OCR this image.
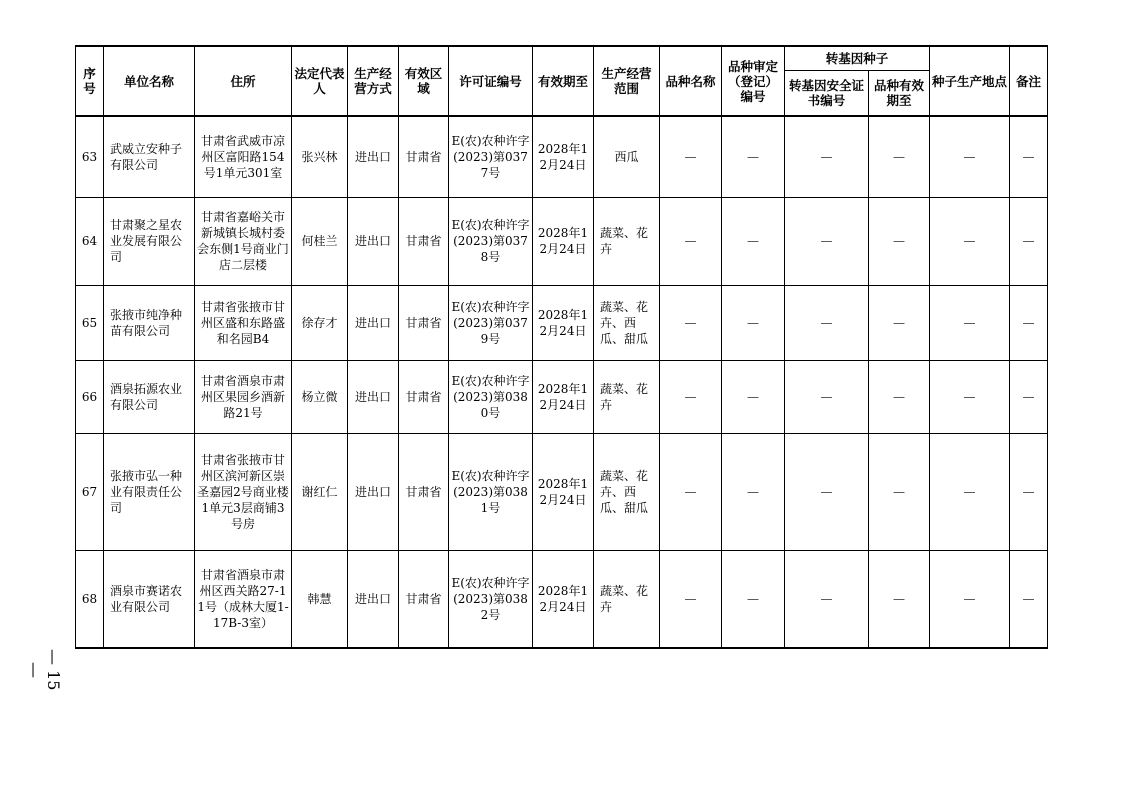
序号	单位名称	住所	法定代表人	生产经营方式	有效区域	许可证编号	有效期至	生产经营范围	品种名称	品种审定（登记）编号	转基因种子		种子生产地点	备注
											转基因安全证书编号	品种有效期至		
63	武威立安种子有限公司	甘肃省武威市凉州区富阳路154号1单元301室	张兴林	进出口	甘肃省	E(农)农种许字(2023)第0377号	2028年12月24日	西瓜	—	—	—	—	—	—
64	甘肃聚之星农业发展有限公司	甘肃省嘉峪关市新城镇长城村委会东侧1号商业门店二层楼	何桂兰	进出口	甘肃省	E(农)农种许字(2023)第0378号	2028年12月24日	蔬菜、花卉	—	—	—	—	—	—
65	张掖市纯净种苗有限公司	甘肃省张掖市甘州区盛和东路盛和名园B4	徐存才	进出口	甘肃省	E(农)农种许字(2023)第0379号	2028年12月24日	蔬菜、花卉、西瓜、甜瓜	—	—	—	—	—	—
66	酒泉拓源农业有限公司	甘肃省酒泉市肃州区果园乡酒新路21号	杨立微	进出口	甘肃省	E(农)农种许字(2023)第0380号	2028年12月24日	蔬菜、花卉	—	—	—	—	—	—
67	张掖市弘一种业有限责任公司	甘肃省张掖市甘州区滨河新区崇圣嘉园2号商业楼1单元3层商铺3号房	谢红仁	进出口	甘肃省	E(农)农种许字(2023)第0381号	2028年12月24日	蔬菜、花卉、西瓜、甜瓜	—	—	—	—	—	—
68	酒泉市赛诺农业有限公司	甘肃省酒泉市肃州区西关路27-11号（成林大厦1-17B-3室）	韩慧	进出口	甘肃省	E(农)农种许字(2023)第0382号	2028年12月24日	蔬菜、花卉	—	—	—	—	—	—
— 15 —
